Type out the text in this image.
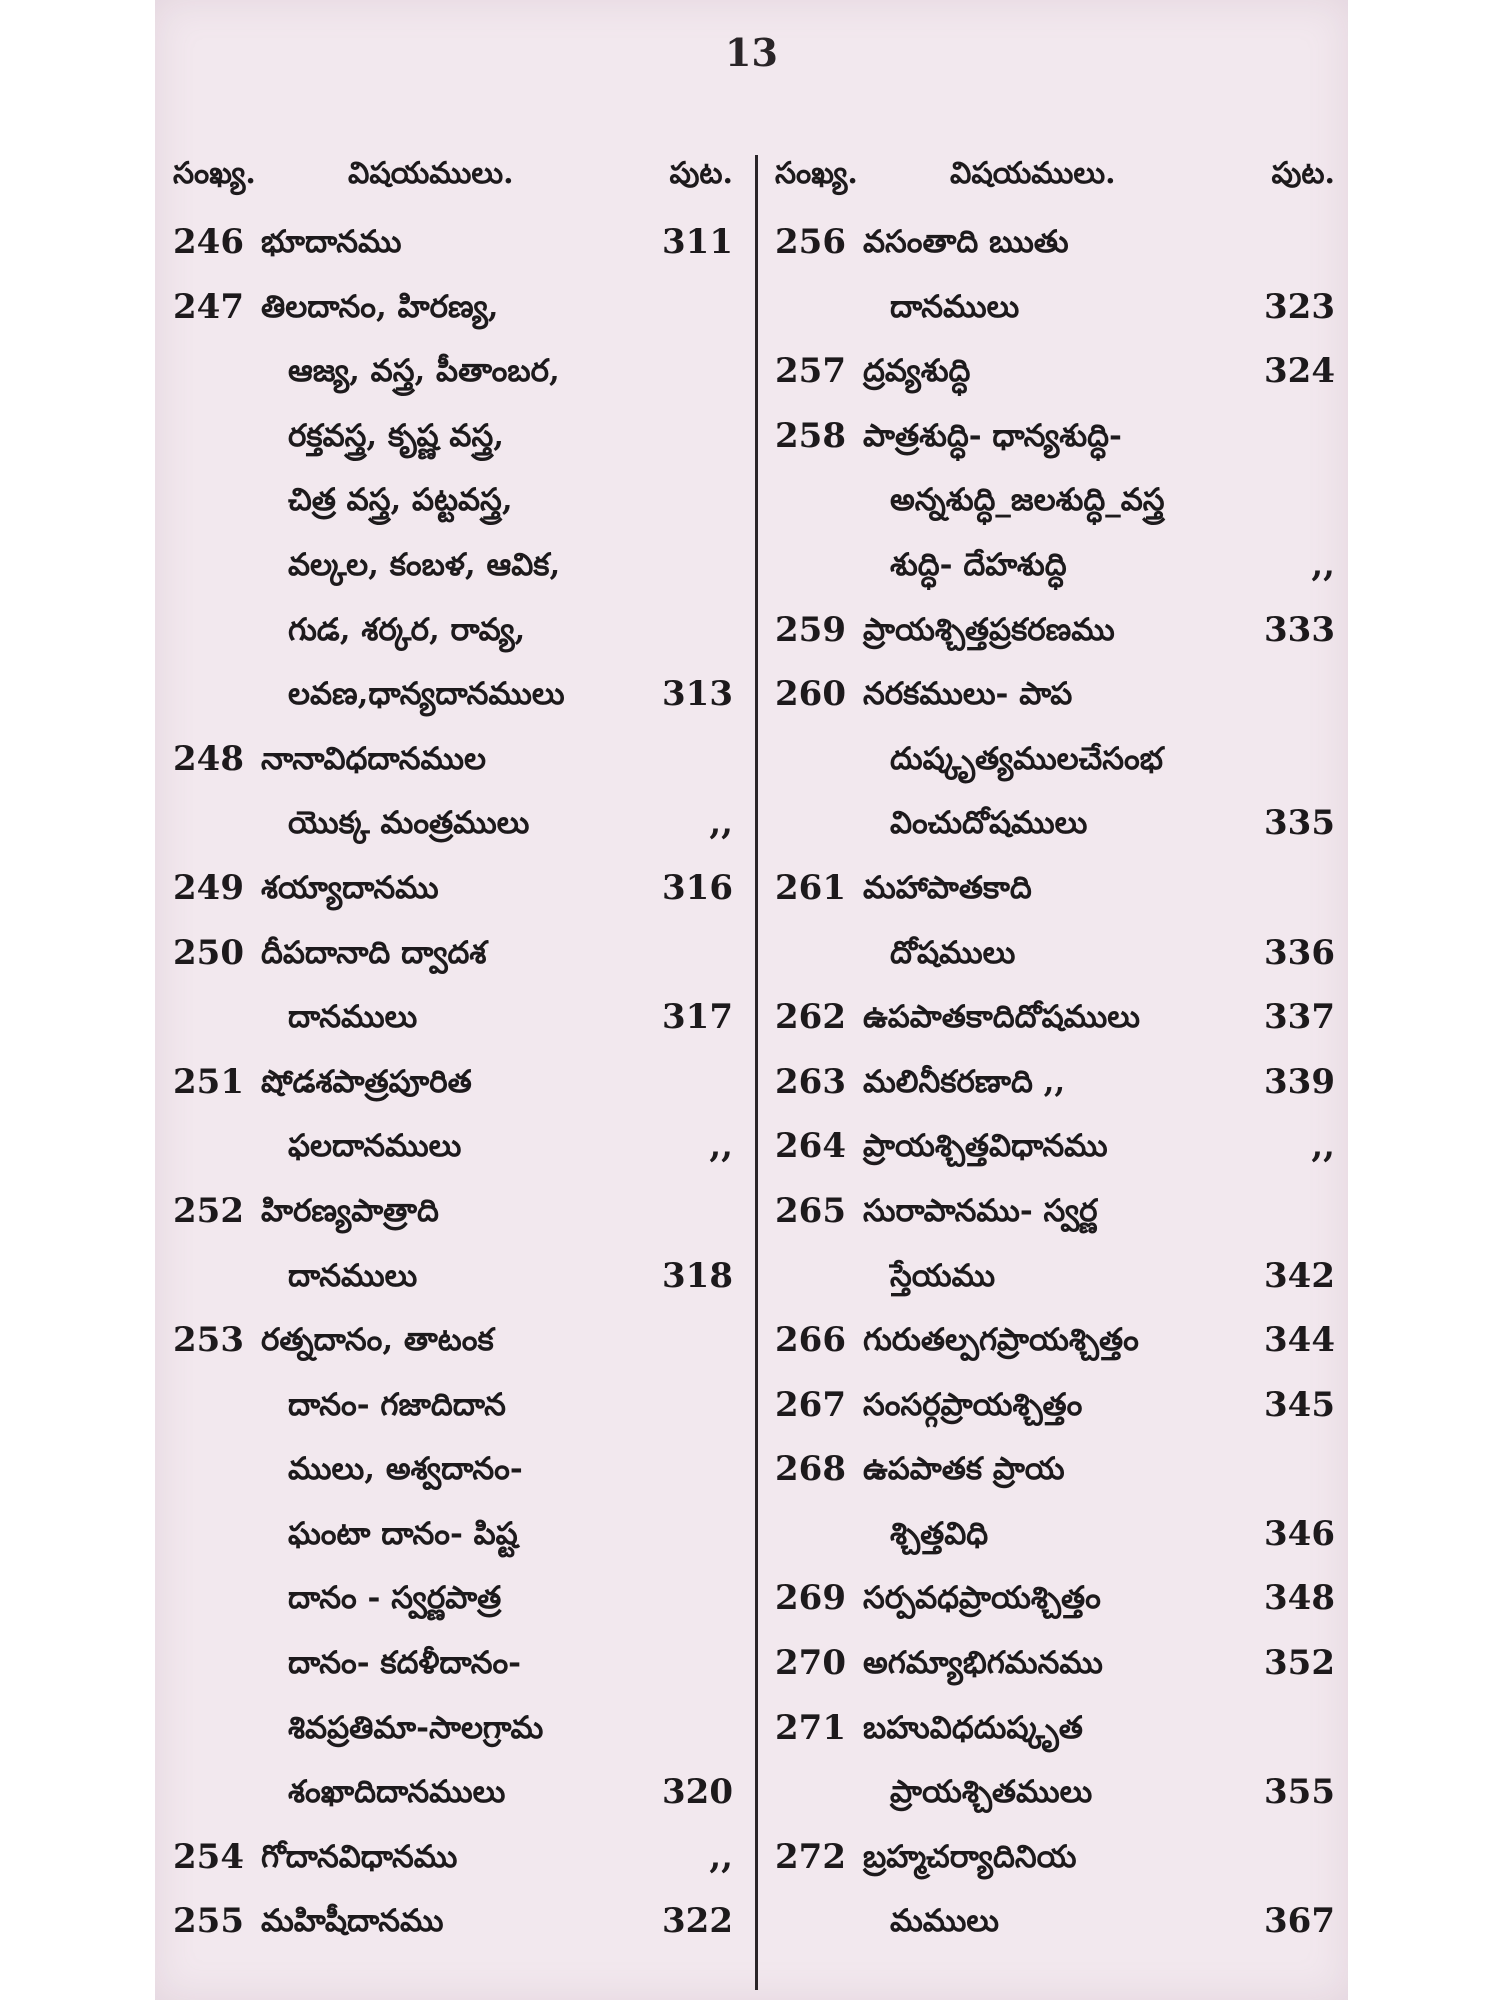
13
సంఖ్య.	విషయములు.	పుట.
246 భూదానము	311
247 తిలదానం, హిరణ్య,
ఆజ్య, వస్త్ర, పీతాంబర,
రక్తవస్త్ర, కృష్ణ వస్త్ర,
చిత్ర వస్త్ర, పట్టవస్త్ర,
వల్కల, కంబళ, ఆవిక,
గుడ, శర్కర, రావ్య,
లవణ,ధాన్యదానములు	313
248 నానావిధదానముల
యొక్క మంత్రములు	,,
249 శయ్యాదానము	316
250 దీపదానాది ద్వాదశ
దానములు	317
251 షోడశపాత్రపూరిత
ఫలదానములు	,,
252 హిరణ్యపాత్రాది
దానములు	318
253 రత్నదానం, తాటంక
దానం- గజాదిదాన
ములు, అశ్వదానం-
ఘంటా దానం- పిష్ట
దానం - స్వర్ణపాత్ర
దానం- కదళీదానం-
శివప్రతిమా-సాలగ్రామ
శంఖాదిదానములు	320
254 గోదానవిధానము	,,
255 మహిషీదానము	322
సంఖ్య.	విషయములు.	పుట.
256 వసంతాది ఋతు
దానములు	323
257 ద్రవ్యశుద్ధి	324
258 పాత్రశుద్ధి- ధాన్యశుద్ధి-
అన్నశుద్ధి_జలశుద్ధి_వస్త్ర
శుద్ధి- దేహశుద్ధి	,,
259 ప్రాయశ్చిత్తప్రకరణము	333
260 నరకములు- పాప
దుష్కృత్యములచేసంభ
వించుదోషములు	335
261 మహాపాతకాది
దోషములు	336
262 ఉపపాతకాదిదోషములు	337
263 మలినీకరణాది ,,	339
264 ప్రాయశ్చిత్తవిధానము	,,
265 సురాపానము- స్వర్ణ
స్తేయము	342
266 గురుతల్పగప్రాయశ్చిత్తం	344
267 సంసర్గప్రాయశ్చిత్తం	345
268 ఉపపాతక ప్రాయ
శ్చిత్తవిధి	346
269 సర్పవధప్రాయశ్చిత్తం	348
270 అగమ్యాభిగమనము	352
271 బహువిధదుష్కృత
ప్రాయశ్చితములు	355
272 బ్రహ్మచర్యాదినియ
మములు	367
